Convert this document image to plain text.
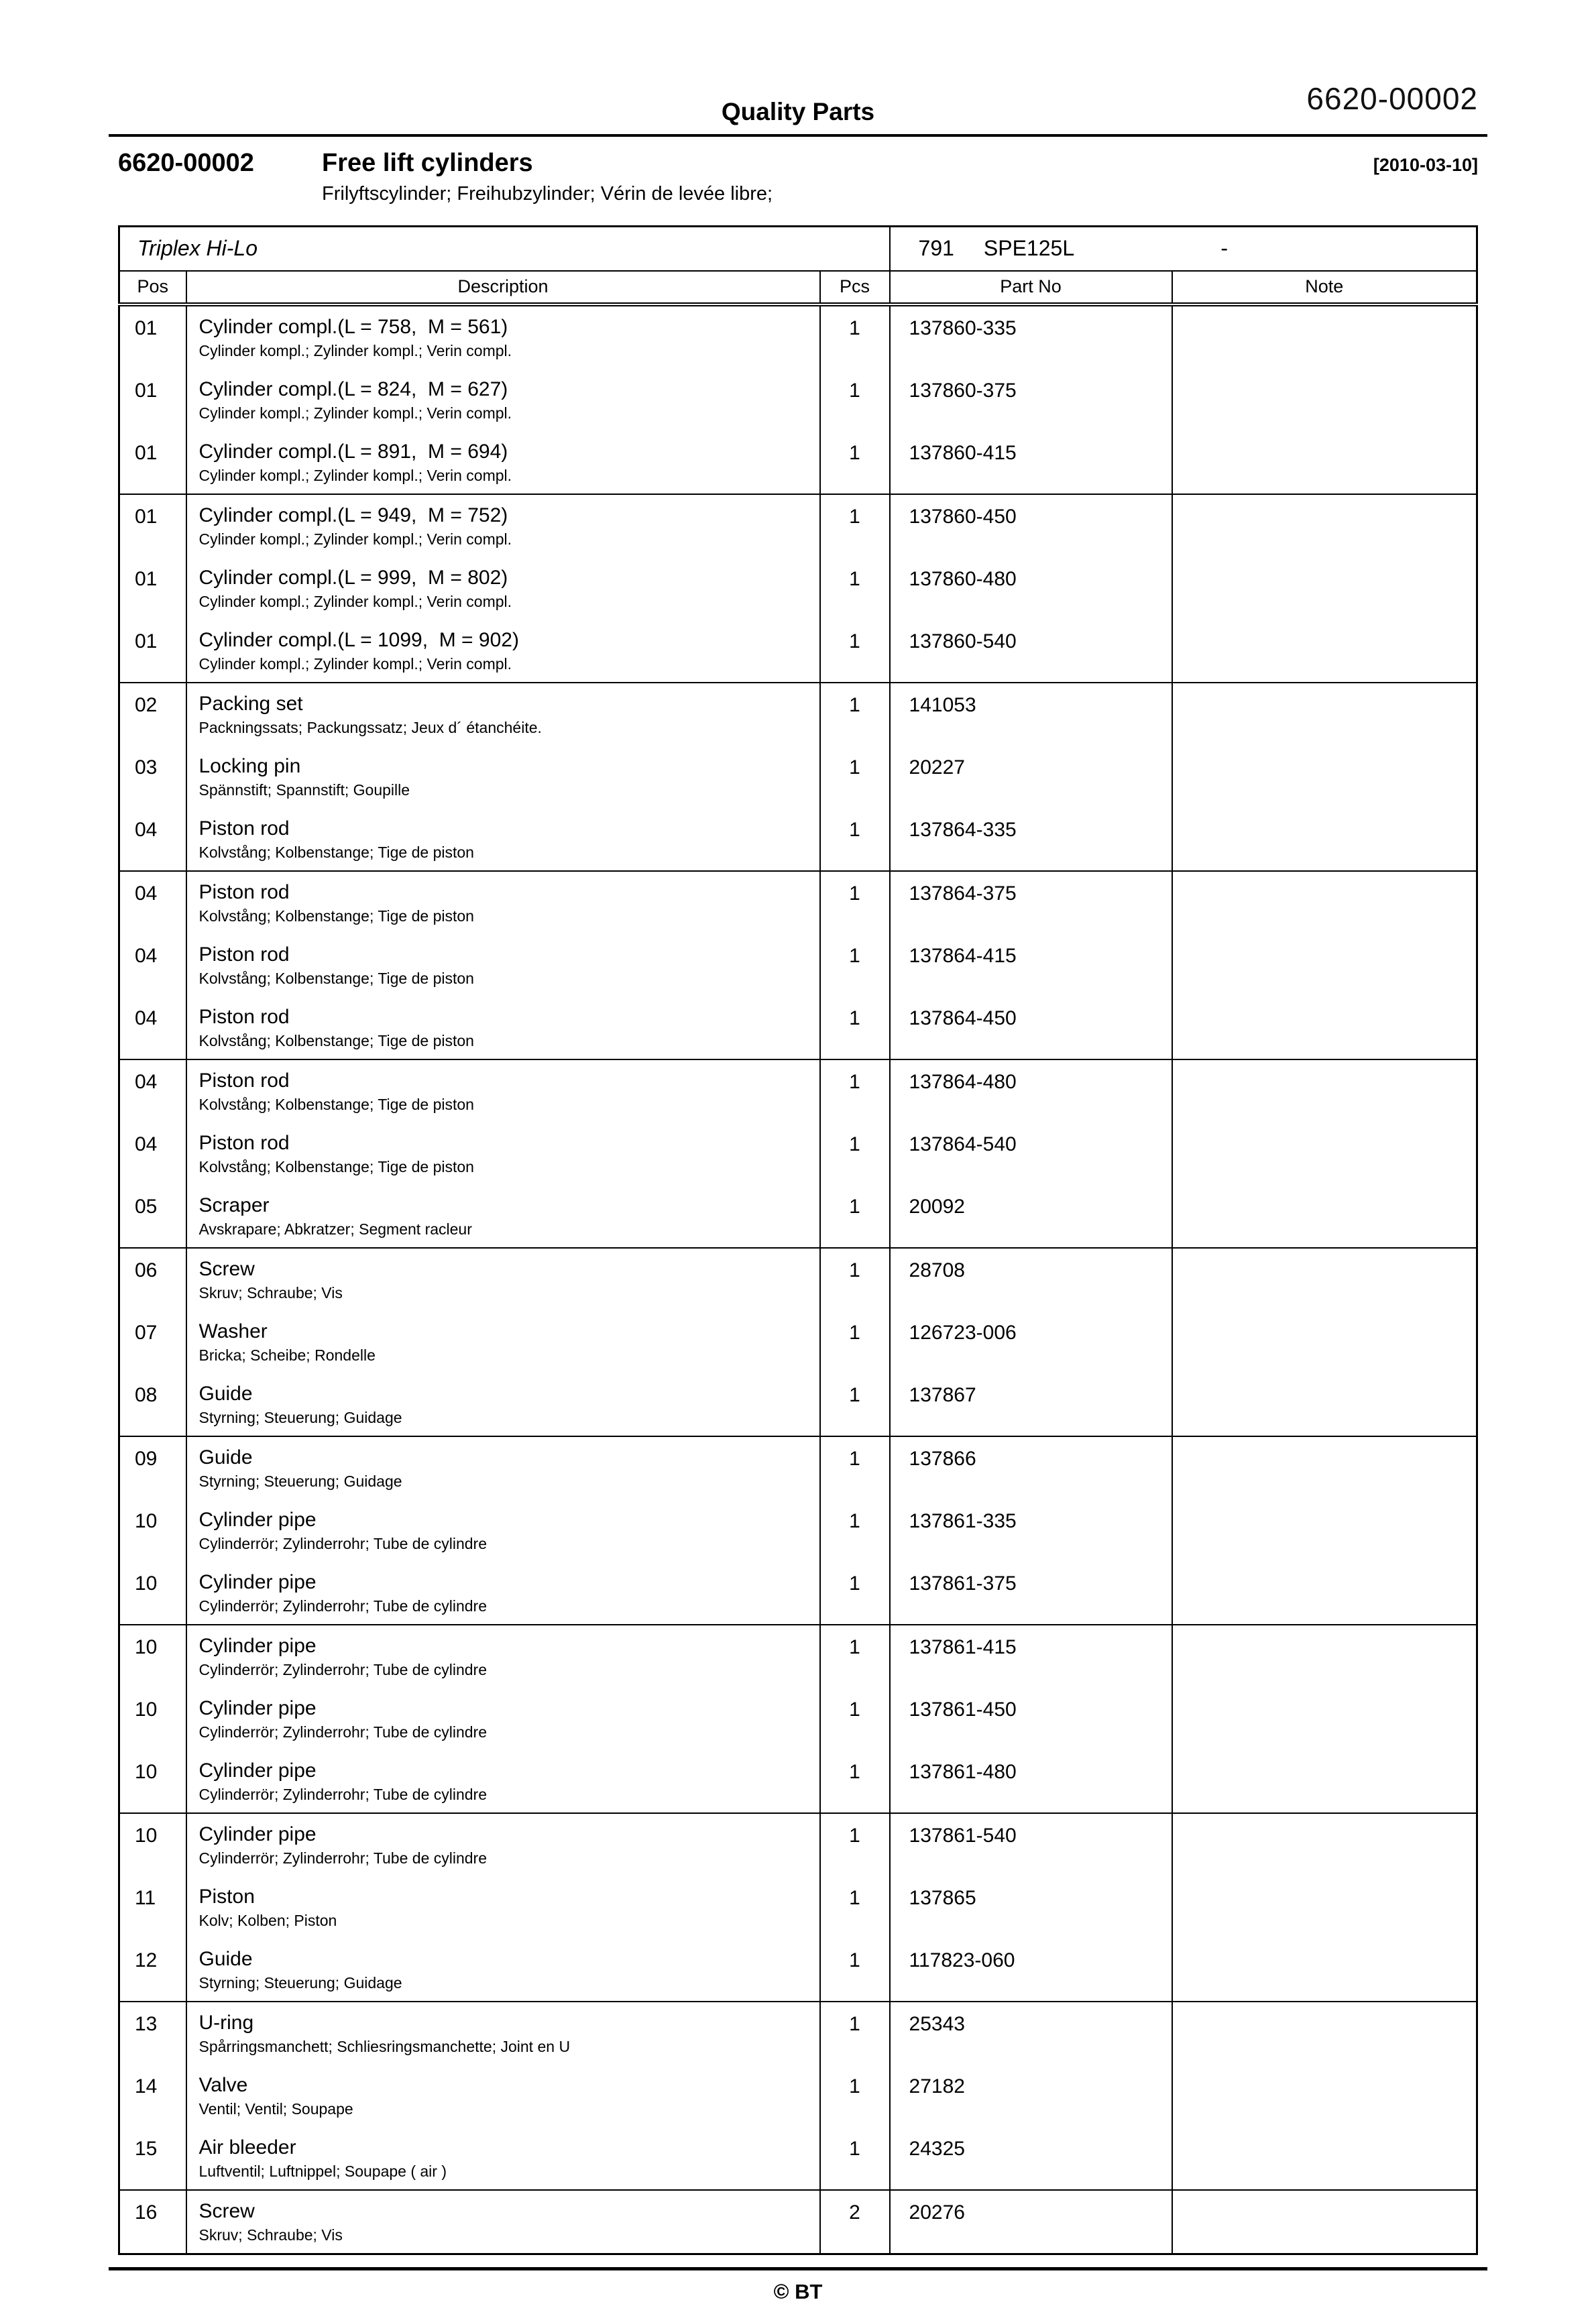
Quality Parts	6620-00002
6620-00002	Free lift cylinders	[2010-03-10]
Frilyftscylinder; Freihubzylinder; Vérin de levée libre;
Triplex Hi-Lo			791 SPE125L -	

Pos	Description	Pcs	Part No	Note
01	Cylinder compl.(L = 758,  M = 561)
Cylinder kompl.; Zylinder kompl.; Verin compl.	1	137860-335	
01	Cylinder compl.(L = 824,  M = 627)
Cylinder kompl.; Zylinder kompl.; Verin compl.	1	137860-375	
01	Cylinder compl.(L = 891,  M = 694)
Cylinder kompl.; Zylinder kompl.; Verin compl.	1	137860-415	
01	Cylinder compl.(L = 949,  M = 752)
Cylinder kompl.; Zylinder kompl.; Verin compl.	1	137860-450	
01	Cylinder compl.(L = 999,  M = 802)
Cylinder kompl.; Zylinder kompl.; Verin compl.	1	137860-480	
01	Cylinder compl.(L = 1099,  M = 902)
Cylinder kompl.; Zylinder kompl.; Verin compl.	1	137860-540	
02	Packing set
Packningssats; Packungssatz; Jeux d´ étanchéite.	1	141053	
03	Locking pin
Spännstift; Spannstift; Goupille	1	20227	
04	Piston rod
Kolvstång; Kolbenstange; Tige de piston	1	137864-335	
04	Piston rod
Kolvstång; Kolbenstange; Tige de piston	1	137864-375	
04	Piston rod
Kolvstång; Kolbenstange; Tige de piston	1	137864-415	
04	Piston rod
Kolvstång; Kolbenstange; Tige de piston	1	137864-450	
04	Piston rod
Kolvstång; Kolbenstange; Tige de piston	1	137864-480	
04	Piston rod
Kolvstång; Kolbenstange; Tige de piston	1	137864-540	
05	Scraper
Avskrapare; Abkratzer; Segment racleur	1	20092	
06	Screw
Skruv; Schraube; Vis	1	28708	
07	Washer
Bricka; Scheibe; Rondelle	1	126723-006	
08	Guide
Styrning; Steuerung; Guidage	1	137867	
09	Guide
Styrning; Steuerung; Guidage	1	137866	
10	Cylinder pipe
Cylinderrör; Zylinderrohr; Tube de cylindre	1	137861-335	
10	Cylinder pipe
Cylinderrör; Zylinderrohr; Tube de cylindre	1	137861-375	
10	Cylinder pipe
Cylinderrör; Zylinderrohr; Tube de cylindre	1	137861-415	
10	Cylinder pipe
Cylinderrör; Zylinderrohr; Tube de cylindre	1	137861-450	
10	Cylinder pipe
Cylinderrör; Zylinderrohr; Tube de cylindre	1	137861-480	
10	Cylinder pipe
Cylinderrör; Zylinderrohr; Tube de cylindre	1	137861-540	
11	Piston
Kolv; Kolben; Piston	1	137865	
12	Guide
Styrning; Steuerung; Guidage	1	117823-060	
13	U-ring
Spårringsmanchett; Schliesringsmanchette; Joint en U	1	25343	
14	Valve
Ventil; Ventil; Soupape	1	27182	
15	Air bleeder
Luftventil; Luftnippel; Soupape ( air )	1	24325	
16	Screw
Skruv; Schraube; Vis	2	20276	
© BT
